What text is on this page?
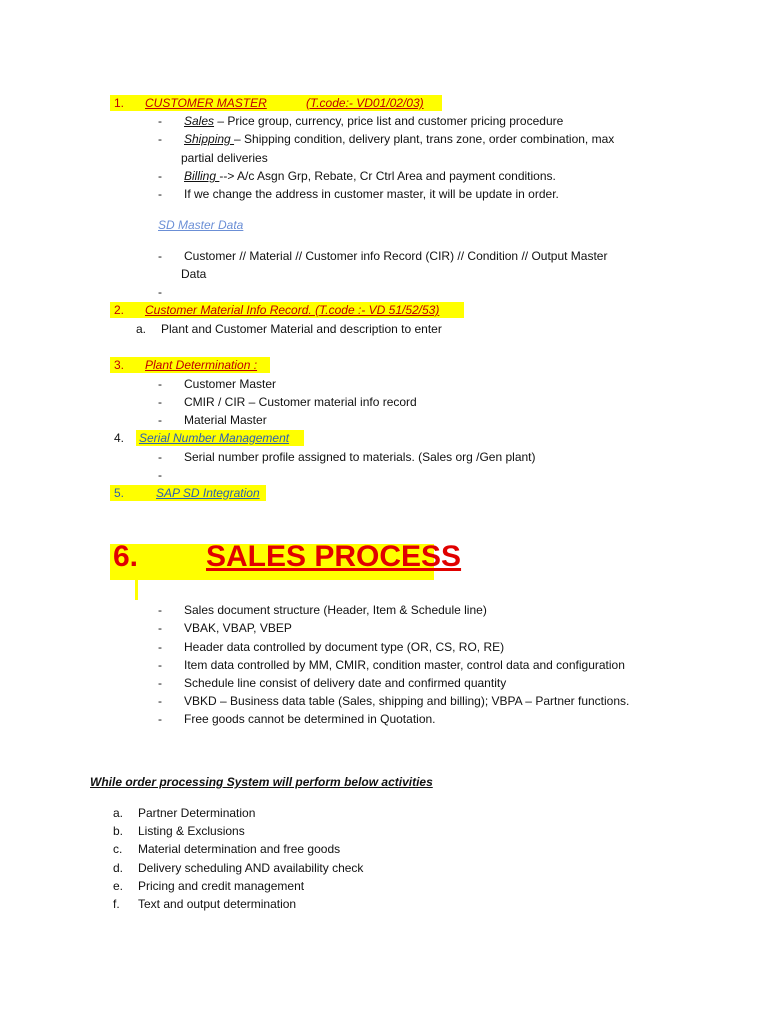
1. CUSTOMER MASTER	(T.code:- VD01/02/03)
- Sales – Price group, currency, price list and customer pricing procedure
- Shipping – Shipping condition, delivery plant, trans zone, order combination, max
partial deliveries
- Billing --> A/c Asgn Grp, Rebate, Cr Ctrl Area and payment conditions.
- If we change the address in customer master, it will be update in order.
SD Master Data
- Customer // Material // Customer info Record (CIR) // Condition // Output Master
Data
-
2. Customer Material Info Record. (T.code :- VD 51/52/53)
a. Plant and Customer Material and description to enter
3. Plant Determination :
- Customer Master
- CMIR / CIR – Customer material info record
- Material Master
4. Serial Number Management
- Serial number profile assigned to materials. (Sales org /Gen plant)
-
5.	SAP SD Integration
6. SALES PROCESS
- Sales document structure (Header, Item & Schedule line)
- VBAK, VBAP, VBEP
- Header data controlled by document type (OR, CS, RO, RE)
- Item data controlled by MM, CMIR, condition master, control data and configuration
- Schedule line consist of delivery date and confirmed quantity
- VBKD – Business data table (Sales, shipping and billing); VBPA – Partner functions.
- Free goods cannot be determined in Quotation.
While order processing System will perform below activities
a. Partner Determination
b. Listing & Exclusions
c. Material determination and free goods
d. Delivery scheduling AND availability check
e. Pricing and credit management
f. Text and output determination
